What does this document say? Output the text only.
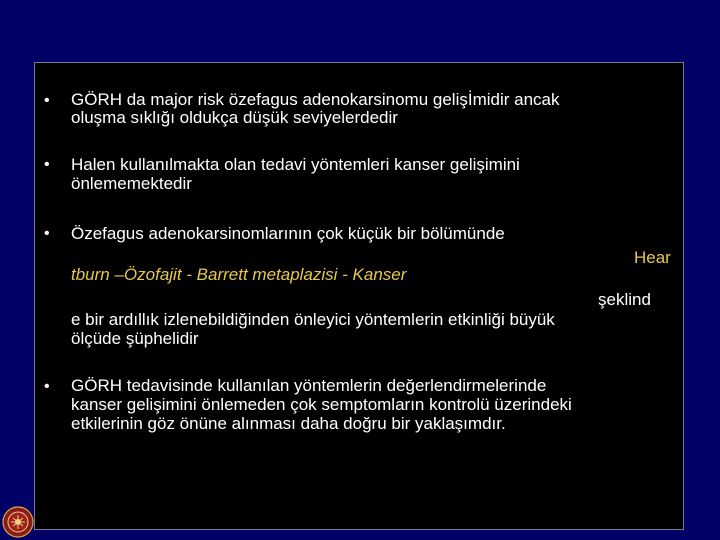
• GÖRH da major risk özefagus adenokarsinomu gelişİmidir ancak
oluşma sıklığı oldukça düşük seviyelerdedir
• Halen kullanılmakta olan tedavi yöntemleri kanser gelişimini
önlememektedir
• Özefagus adenokarsinomlarının çok küçük bir bölümünde
Hear
tburn –Özofajit - Barrett metaplazisi - Kanser
şeklind
e bir ardıllık izlenebildiğinden önleyici yöntemlerin etkinliği büyük
ölçüde şüphelidir
• GÖRH tedavisinde kullanılan yöntemlerin değerlendirmelerinde
kanser gelişimini önlemeden çok semptomların kontrolü üzerindeki
etkilerinin göz önüne alınması daha doğru bir yaklaşımdır.
